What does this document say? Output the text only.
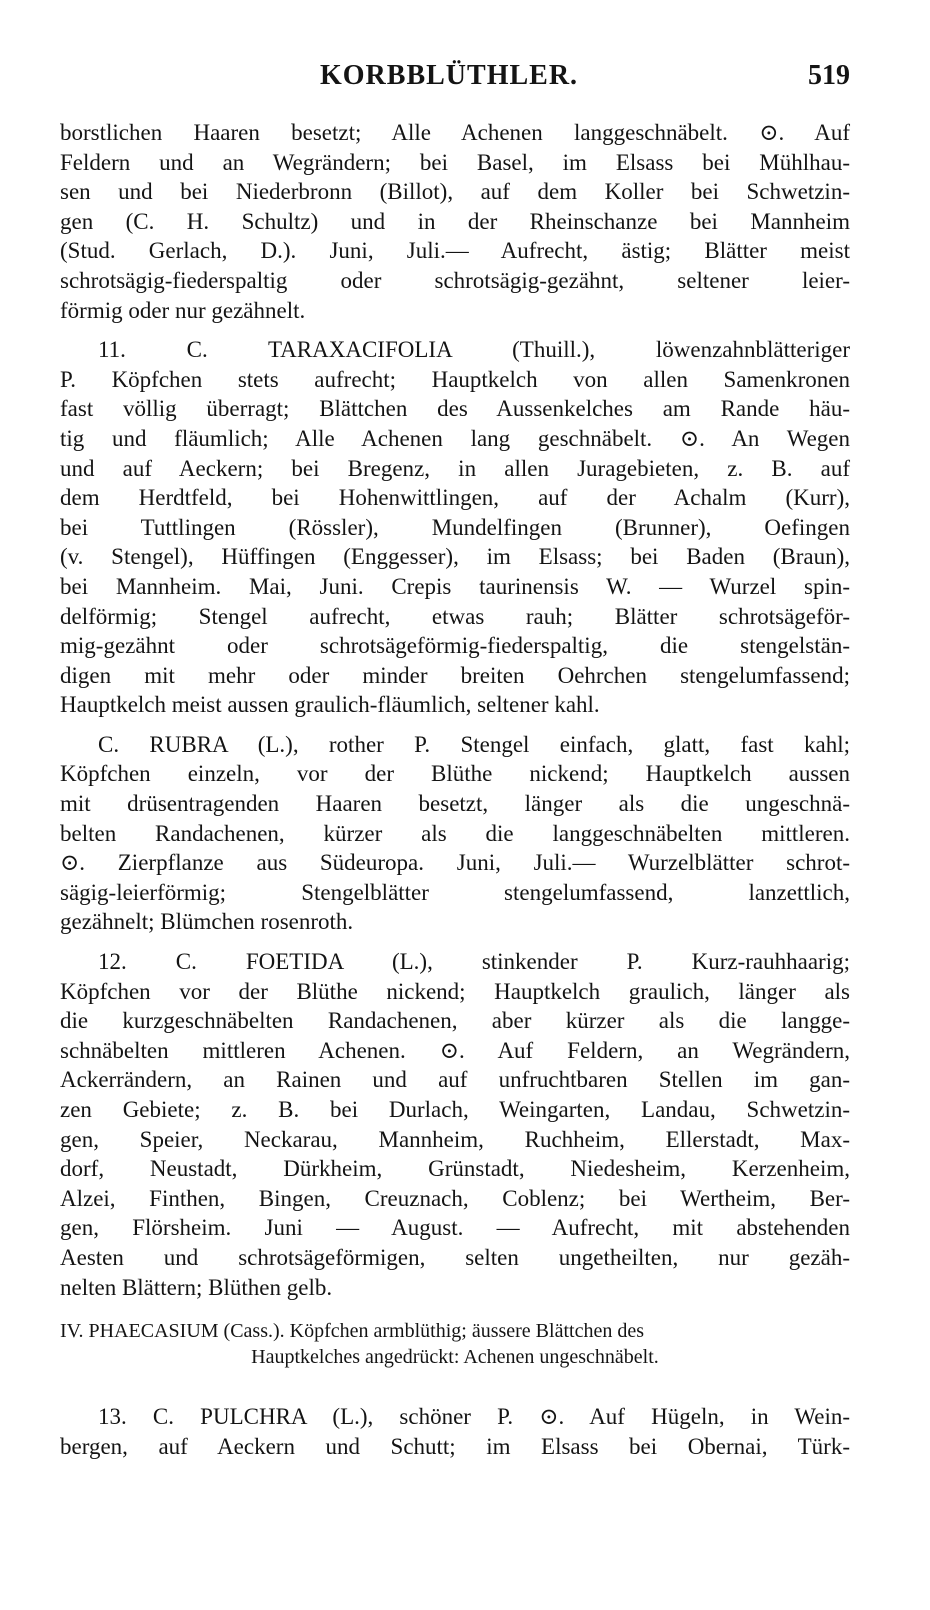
KORBBLÜTHLER.	519
borstlichen Haaren besetzt; Alle Achenen langgeschnäbelt. ⊙. Auf
Feldern und an Wegrändern; bei Basel, im Elsass bei Mühlhau-
sen und bei Niederbronn (Billot), auf dem Koller bei Schwetzin-
gen (C. H. Schultz) und in der Rheinschanze bei Mannheim
(Stud. Gerlach, D.). Juni, Juli.— Aufrecht, ästig; Blätter meist
schrotsägig-fiederspaltig oder schrotsägig-gezähnt, seltener leier-
förmig oder nur gezähnelt.
11. C. TARAXACIFOLIA (Thuill.), löwenzahnblätteriger
P. Köpfchen stets aufrecht; Hauptkelch von allen Samenkronen
fast völlig überragt; Blättchen des Aussenkelches am Rande häu-
tig und fläumlich; Alle Achenen lang geschnäbelt. ⊙. An Wegen
und auf Aeckern; bei Bregenz, in allen Juragebieten, z. B. auf
dem Herdtfeld, bei Hohenwittlingen, auf der Achalm (Kurr),
bei Tuttlingen (Rössler), Mundelfingen (Brunner), Oefingen
(v. Stengel), Hüffingen (Enggesser), im Elsass; bei Baden (Braun),
bei Mannheim. Mai, Juni. Crepis taurinensis W. — Wurzel spin-
delförmig; Stengel aufrecht, etwas rauh; Blätter schrotsägeför-
mig-gezähnt oder schrotsägeförmig-fiederspaltig, die stengelstän-
digen mit mehr oder minder breiten Oehrchen stengelumfassend;
Hauptkelch meist aussen graulich-fläumlich, seltener kahl.
C. RUBRA (L.), rother P. Stengel einfach, glatt, fast kahl;
Köpfchen einzeln, vor der Blüthe nickend; Hauptkelch aussen
mit drüsentragenden Haaren besetzt, länger als die ungeschnä-
belten Randachenen, kürzer als die langgeschnäbelten mittleren.
⊙. Zierpflanze aus Südeuropa. Juni, Juli.— Wurzelblätter schrot-
sägig-leierförmig; Stengelblätter stengelumfassend, lanzettlich,
gezähnelt; Blümchen rosenroth.
12. C. FOETIDA (L.), stinkender P. Kurz-rauhhaarig;
Köpfchen vor der Blüthe nickend; Hauptkelch graulich, länger als
die kurzgeschnäbelten Randachenen, aber kürzer als die langge-
schnäbelten mittleren Achenen. ⊙. Auf Feldern, an Wegrändern,
Ackerrändern, an Rainen und auf unfruchtbaren Stellen im gan-
zen Gebiete; z. B. bei Durlach, Weingarten, Landau, Schwetzin-
gen, Speier, Neckarau, Mannheim, Ruchheim, Ellerstadt, Max-
dorf, Neustadt, Dürkheim, Grünstadt, Niedesheim, Kerzenheim,
Alzei, Finthen, Bingen, Creuznach, Coblenz; bei Wertheim, Ber-
gen, Flörsheim. Juni — August. — Aufrecht, mit abstehenden
Aesten und schrotsägeförmigen, selten ungetheilten, nur gezäh-
nelten Blättern; Blüthen gelb.
IV. PHAECASIUM (Cass.). Köpfchen armblüthig; äussere Blättchen des
Hauptkelches angedrückt: Achenen ungeschnäbelt.
13. C. PULCHRA (L.), schöner P. ⊙. Auf Hügeln, in Wein-
bergen, auf Aeckern und Schutt; im Elsass bei Obernai, Türk-
